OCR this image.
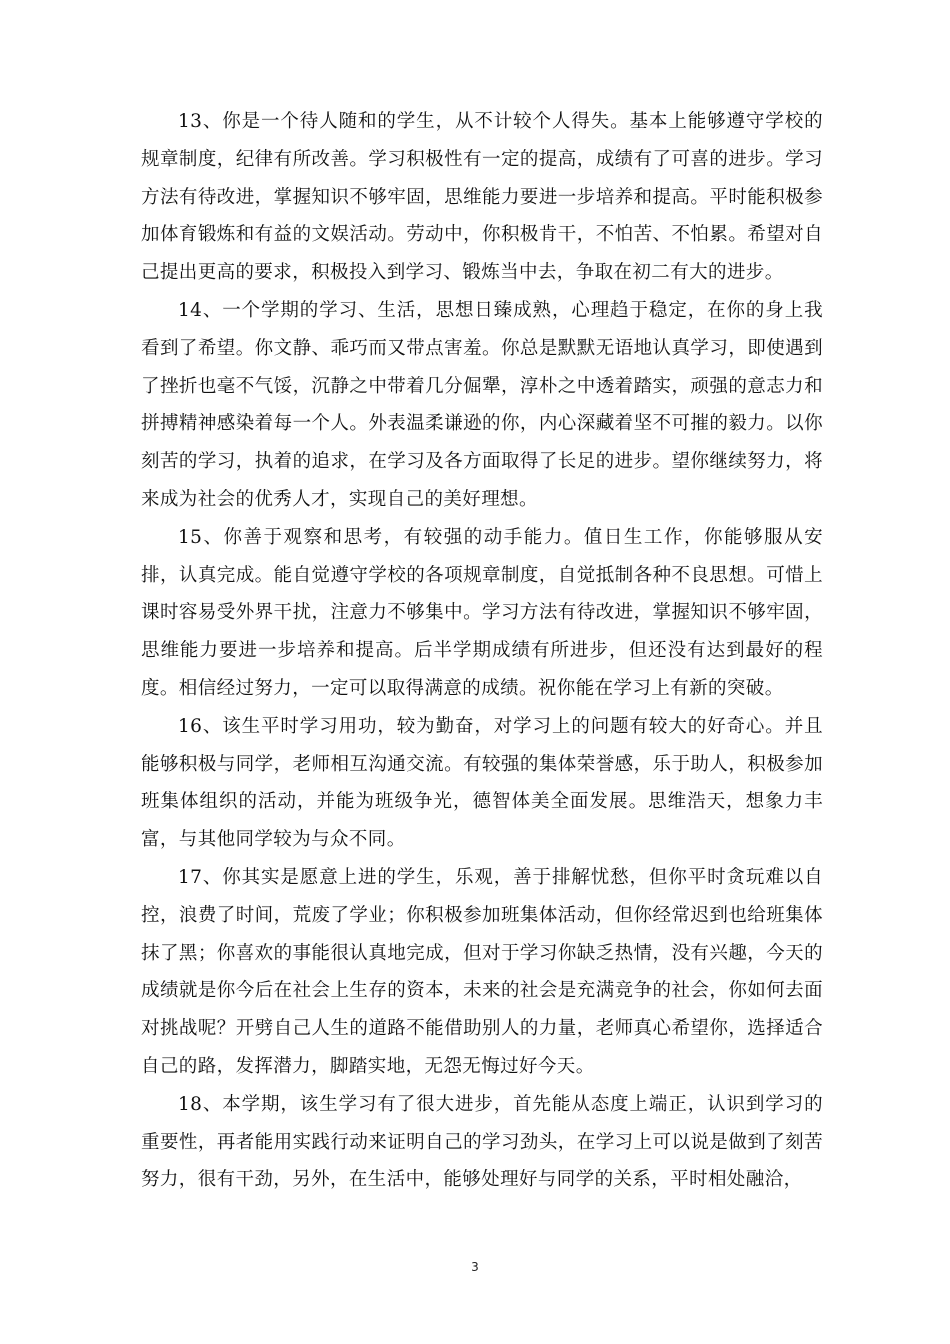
13、你是一个待人随和的学生，从不计较个人得失。基本上能够遵守学校的规章制度，纪律有所改善。学习积极性有一定的提高，成绩有了可喜的进步。学习方法有待改进，掌握知识不够牢固，思维能力要进一步培养和提高。平时能积极参加体育锻炼和有益的文娱活动。劳动中，你积极肯干，不怕苦、不怕累。希望对自己提出更高的要求，积极投入到学习、锻炼当中去，争取在初二有大的进步。

14、一个学期的学习、生活，思想日臻成熟，心理趋于稳定，在你的身上我看到了希望。你文静、乖巧而又带点害羞。你总是默默无语地认真学习，即使遇到了挫折也毫不气馁，沉静之中带着几分倔犟，淳朴之中透着踏实，顽强的意志力和拼搏精神感染着每一个人。外表温柔谦逊的你，内心深藏着坚不可摧的毅力。以你刻苦的学习，执着的追求，在学习及各方面取得了长足的进步。望你继续努力，将来成为社会的优秀人才，实现自己的美好理想。

15、你善于观察和思考，有较强的动手能力。值日生工作，你能够服从安排，认真完成。能自觉遵守学校的各项规章制度，自觉抵制各种不良思想。可惜上课时容易受外界干扰，注意力不够集中。学习方法有待改进，掌握知识不够牢固，思维能力要进一步培养和提高。后半学期成绩有所进步，但还没有达到最好的程度。相信经过努力，一定可以取得满意的成绩。祝你能在学习上有新的突破。

16、该生平时学习用功，较为勤奋，对学习上的问题有较大的好奇心。并且能够积极与同学，老师相互沟通交流。有较强的集体荣誉感，乐于助人，积极参加班集体组织的活动，并能为班级争光，德智体美全面发展。思维浩天，想象力丰富，与其他同学较为与众不同。

17、你其实是愿意上进的学生，乐观，善于排解忧愁，但你平时贪玩难以自控，浪费了时间，荒废了学业；你积极参加班集体活动，但你经常迟到也给班集体抹了黑；你喜欢的事能很认真地完成，但对于学习你缺乏热情，没有兴趣，今天的成绩就是你今后在社会上生存的资本，未来的社会是充满竞争的社会，你如何去面对挑战呢？开劈自己人生的道路不能借助别人的力量，老师真心希望你，选择适合自己的路，发挥潜力，脚踏实地，无怨无悔过好今天。

18、本学期，该生学习有了很大进步，首先能从态度上端正，认识到学习的重要性，再者能用实践行动来证明自己的学习劲头，在学习上可以说是做到了刻苦努力，很有干劲，另外，在生活中，能够处理好与同学的关系，平时相处融洽，

3
